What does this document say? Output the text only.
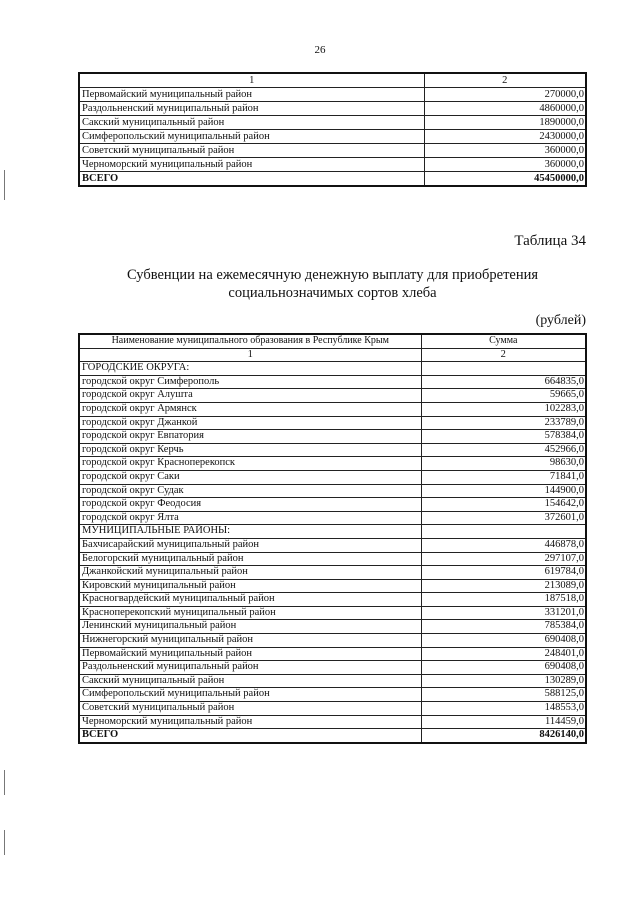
26
1	2
Первомайский муниципальный район	270000,0
Раздольненский муниципальный район	4860000,0
Сакский муниципальный район	1890000,0
Симферопольский муниципальный район	2430000,0
Советский муниципальный район	360000,0
Черноморский муниципальный район	360000,0
ВСЕГО	45450000,0
Таблица 34
Субвенции на ежемесячную денежную выплату для приобретения
социальнозначимых сортов хлеба
(рублей)
Наименование муниципального образования в Республике Крым	Сумма
1	2
ГОРОДСКИЕ ОКРУГА:	
городской округ Симферополь	664835,0
городской округ Алушта	59665,0
городской округ Армянск	102283,0
городской округ Джанкой	233789,0
городской округ Евпатория	578384,0
городской округ Керчь	452966,0
городской округ Красноперекопск	98630,0
городской округ Саки	71841,0
городской округ Судак	144900,0
городской округ Феодосия	154642,0
городской округ Ялта	372601,0
МУНИЦИПАЛЬНЫЕ РАЙОНЫ:	
Бахчисарайский муниципальный район	446878,0
Белогорский муниципальный район	297107,0
Джанкойский муниципальный район	619784,0
Кировский муниципальный район	213089,0
Красногвардейский муниципальный район	187518,0
Красноперекопский муниципальный район	331201,0
Ленинский муниципальный район	785384,0
Нижнегорский муниципальный район	690408,0
Первомайский муниципальный район	248401,0
Раздольненский муниципальный район	690408,0
Сакский муниципальный район	130289,0
Симферопольский муниципальный район	588125,0
Советский муниципальный район	148553,0
Черноморский муниципальный район	114459,0
ВСЕГО	8426140,0
